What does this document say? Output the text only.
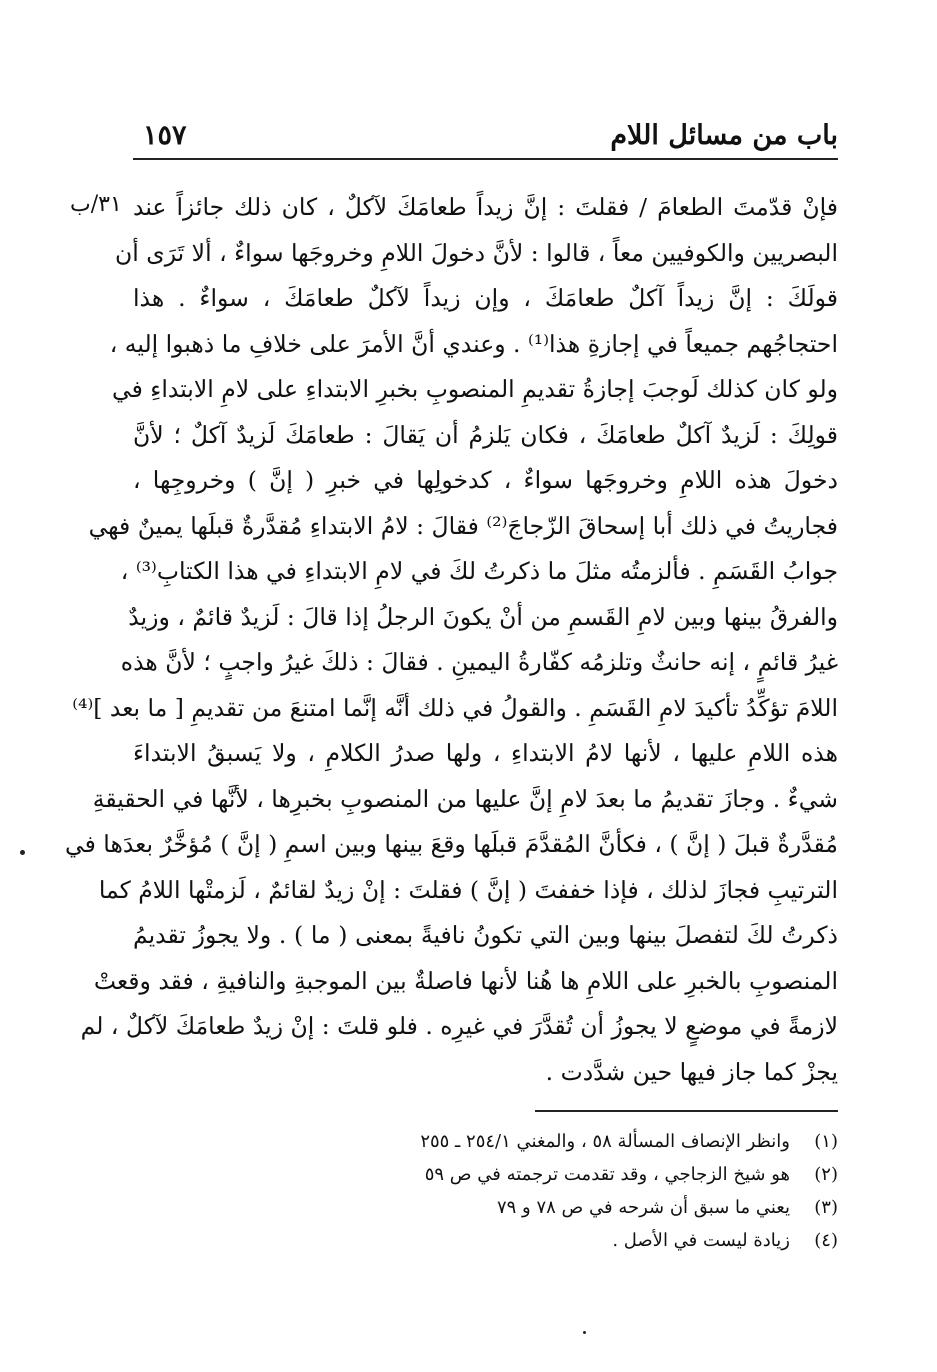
١٥٧	باب من مسائل اللام
٣١/ب فإنْ قدّمتَ الطعامَ / فقلتَ : إنَّ زيداً طعامَكَ لآكلٌ ، كان ذلك جائزاً عند
البصريين والكوفيين معاً ، قالوا : لأنَّ دخولَ اللامِ وخروجَها سواءٌ ، ألا تَرَى أن
قولَكَ : إنَّ زيداً آكلٌ طعامَكَ ، وإن زيداً لآكلٌ طعامَكَ ، سواءٌ . هذا
احتجاجُهم جميعاً في إجازةِ هذا⁽¹⁾ . وعندي أنَّ الأمرَ على خلافِ ما ذهبوا إليه ،
ولو كان كذلك لَوجبَ إجازةُ تقديمِ المنصوبِ بخبرِ الابتداءِ على لامِ الابتداءِ في
قولِكَ : لَزيدٌ آكلٌ طعامَكَ ، فكان يَلزمُ أن يَقالَ : طعامَكَ لَزيدٌ آكلٌ ؛ لأنَّ
دخولَ هذه اللامِ وخروجَها سواءٌ ، كدخولِها في خبرِ ( إنَّ ) وخروجِها ،
فجاريتُ في ذلك أبا إسحاقَ الزّجاجَ⁽²⁾ فقالَ : لامُ الابتداءِ مُقدَّرةٌ قبلَها يمينٌ فهي
جوابُ القَسَمِ . فألزمتُه مثلَ ما ذكرتُ لكَ في لامِ الابتداءِ في هذا الكتابِ⁽³⁾ ،
والفرقُ بينها وبين لامِ القَسمِ من أنْ يكونَ الرجلُ إذا قالَ : لَزيدٌ قائمٌ ، وزيدٌ
غيرُ قائمٍ ، إنه حانثٌ وتلزمُه كفّارةُ اليمينِ . فقالَ : ذلكَ غيرُ واجبٍ ؛ لأنَّ هذه
اللامَ تؤكِّدُ تأكيدَ لامِ القَسَمِ . والقولُ في ذلك أنَّه إنَّما امتنعَ من تقديمِ [ ما بعد ]⁽⁴⁾
هذه اللامِ عليها ، لأنها لامُ الابتداءِ ، ولها صدرُ الكلامِ ، ولا يَسبقُ الابتداءَ
شيءٌ . وجازَ تقديمُ ما بعدَ لامِ إنَّ عليها من المنصوبِ بخبرِها ، لأنَّها في الحقيقةِ
مُقدَّرةٌ قبلَ ( إنَّ ) ، فكأنَّ المُقدَّمَ قبلَها وقعَ بينها وبين اسمِ ( إنَّ ) مُؤخَّرٌ بعدَها في
الترتيبِ فجازَ لذلك ، فإذا خففتَ ( إنَّ ) فقلتَ : إنْ زيدٌ لقائمٌ ، لَزمتْها اللامُ كما
ذكرتُ لكَ لتفصلَ بينها وبين التي تكونُ نافيةً بمعنى ( ما ) . ولا يجوزُ تقديمُ
المنصوبِ بالخبرِ على اللامِ ها هُنا لأنها فاصلةٌ بين الموجبةِ والنافيةِ ، فقد وقعتْ
لازمةً في موضعٍ لا يجوزُ أن تُقدَّرَ في غيرِه . فلو قلتَ : إنْ زيدٌ طعامَكَ لآكلٌ ، لم
يجزْ كما جاز فيها حين شدَّدت .
(١)وانظر الإنصاف المسألة ٥٨ ، والمغني ٢٥٤/١ ـ ٢٥٥
(٢)هو شيخ الزجاجي ، وقد تقدمت ترجمته في ص ٥٩
(٣)يعني ما سبق أن شرحه في ص ٧٨ و ٧٩
(٤)زيادة ليست في الأصل .
